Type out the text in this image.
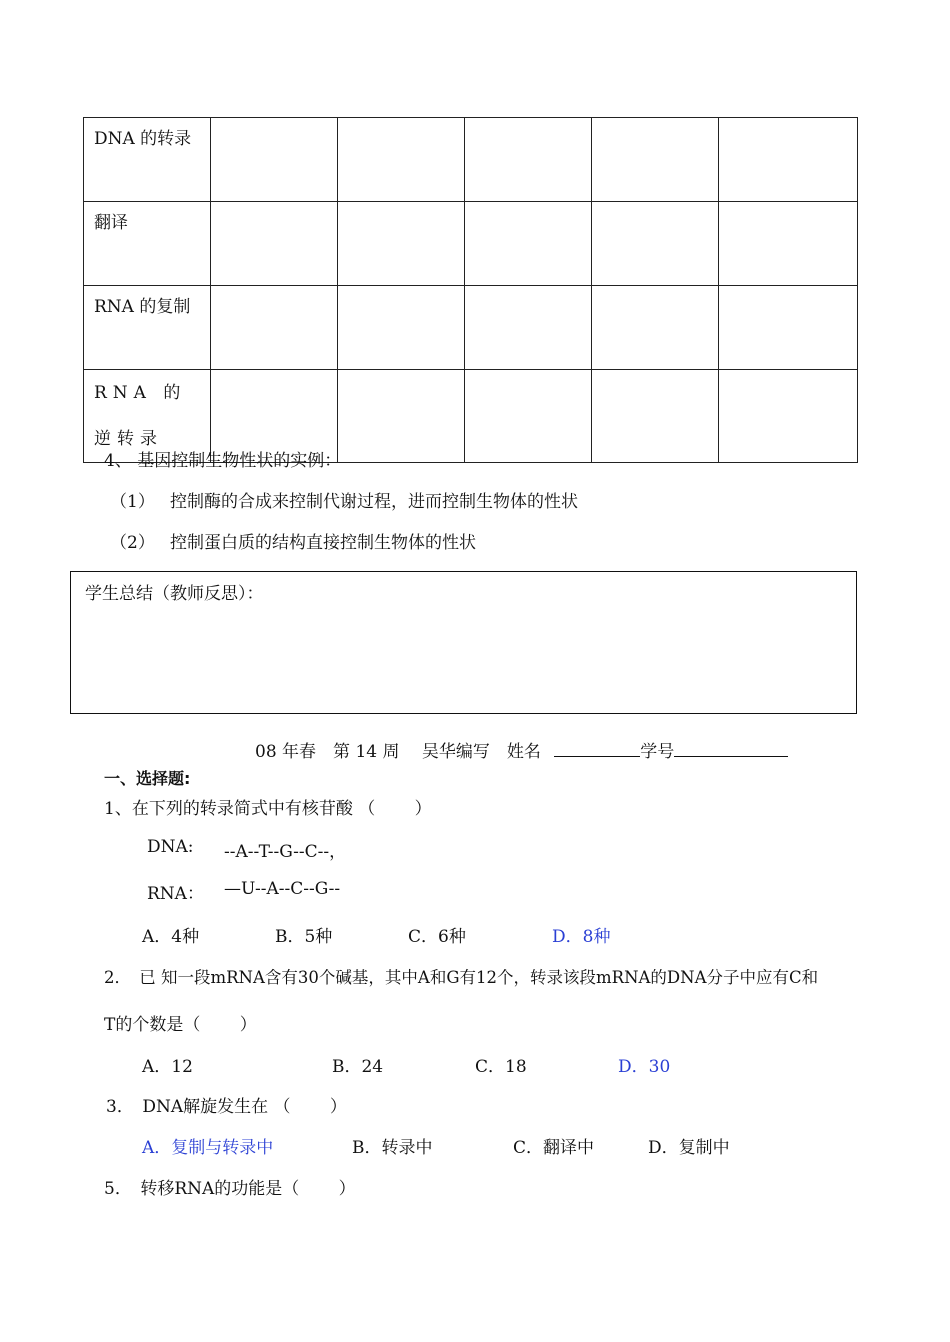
DNA 的转录					
翻译					
RNA 的复制					

RNA 的逆转录					

4、 基因控制生物性状的实例：
（1） 控制酶的合成来控制代谢过程，进而控制生物体的性状
（2） 控制蛋白质的结构直接控制生物体的性状
学生总结（教师反思）：
08 年春　第 14 周　 吴华编写　姓名	学号
一、选择题:
1、在下列的转录简式中有核苷酸 （　　 ）
DNA: --A--T--G--C--，
RNA： —U--A--C--G--
A．4种	B．5种	C．6种	D．8种
2．　已 知一段mRNA含有30个碱基，其中A和G有12个，转录该段mRNA的DNA分子中应有C和
T的个数是（　　 ）
A．12	B．24	C．18	D．30
3．　DNA解旋发生在 （　　 ）
A．复制与转录中	B．转录中	C．翻译中	D．复制中
5．　转移RNA的功能是（　　 ）
